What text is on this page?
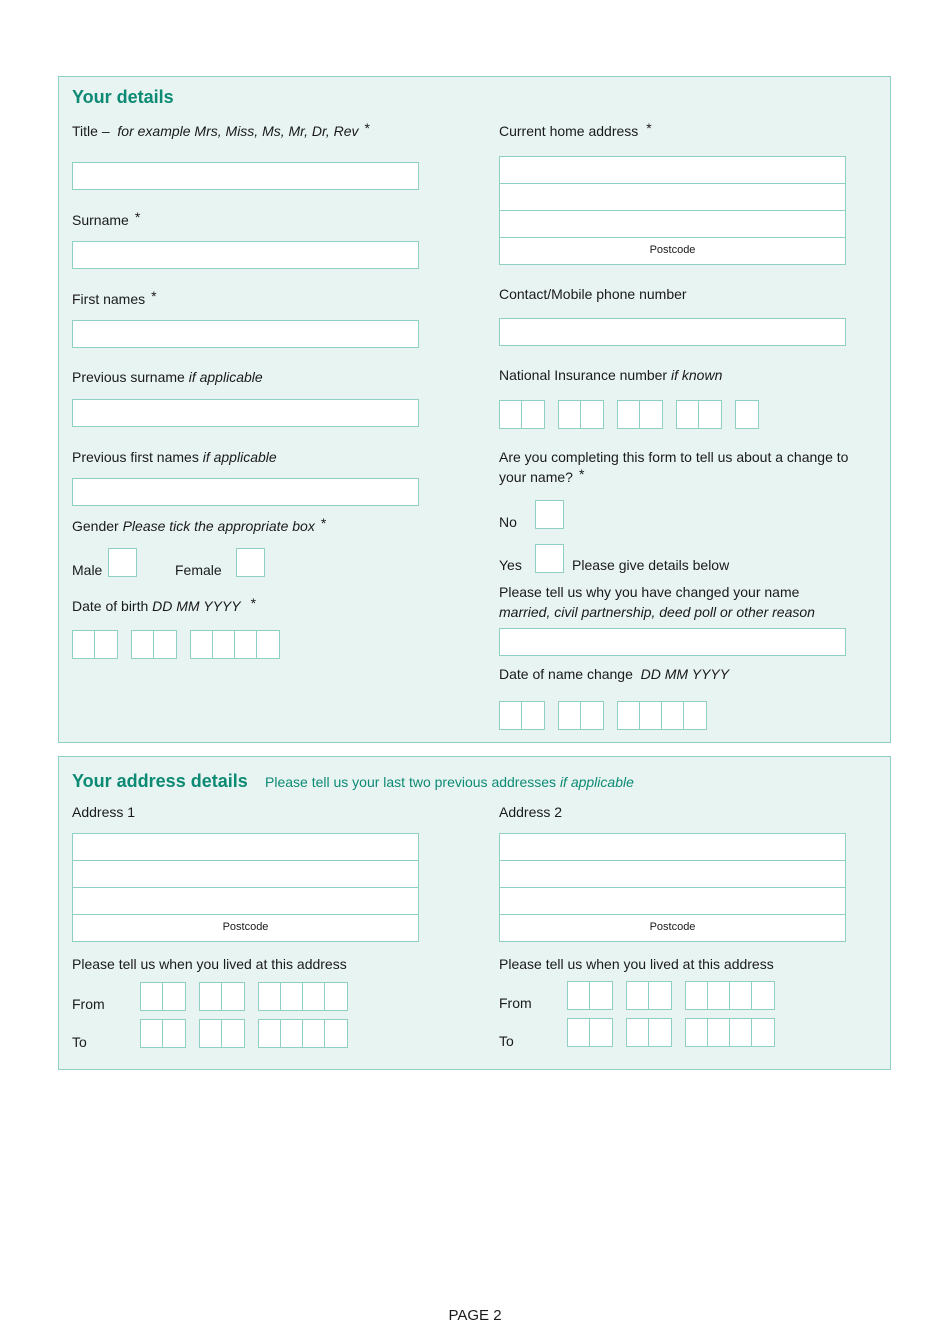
Your details
Title – for example Mrs, Miss, Ms, Mr, Dr, Rev *
Surname *
First names *
Previous surname if applicable
Previous first names if applicable
Gender Please tick the appropriate box *
Male	Female
Date of birth DD MM YYYY *
Current home address *
Postcode
Contact/Mobile phone number
National Insurance number if known
Are you completing this form to tell us about a change to
your name? *
No
Yes	Please give details below
Please tell us why you have changed your name
married, civil partnership, deed poll or other reason
Date of name change DD MM YYYY
Your address details Please tell us your last two previous addresses if applicable
Address 1
Postcode
Address 2
Postcode
Please tell us when you lived at this address
From
To
Please tell us when you lived at this address
From
To
PAGE 2
